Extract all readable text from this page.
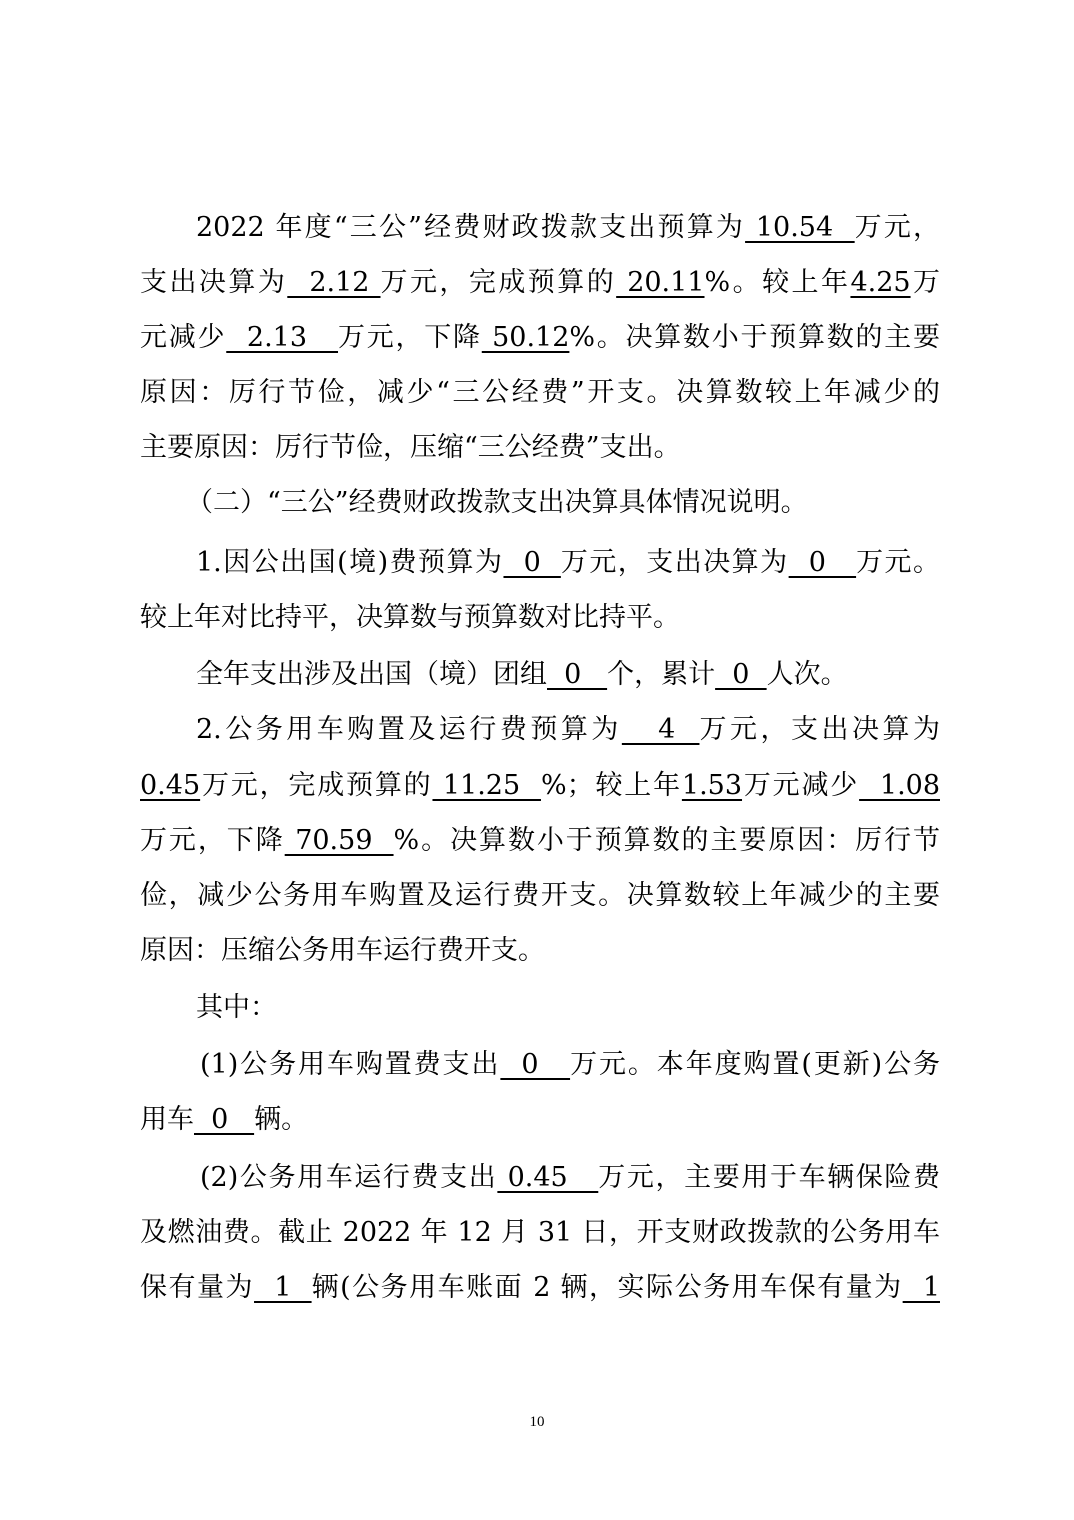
2022 年度“三公”经费财政拨款支出预算为 10.54  万元，
支出决算为  2.12 万元，完成预算的 20.11%。较上年4.25万
元减少  2.13   万元，下降 50.12%。决算数小于预算数的主要
原因：厉行节俭，减少“三公经费”开支。决算数较上年减少的
主要原因：厉行节俭，压缩“三公经费”支出。
（二）“三公”经费财政拨款支出决算具体情况说明。
1.因公出国(境)费预算为  0  万元，支出决算为  0   万元。
较上年对比持平，决算数与预算数对比持平。
全年支出涉及出国（境）团组  0   个，累计  0  人次。
2.公务用车购置及运行费预算为   4  万元，支出决算为
0.45万元，完成预算的 11.25  %；较上年1.53万元减少  1.08
万元，下降 70.59  %。决算数小于预算数的主要原因：厉行节
俭，减少公务用车购置及运行费开支。决算数较上年减少的主要
原因：压缩公务用车运行费开支。
其中：
(1)公务用车购置费支出  0   万元。本年度购置(更新)公务
用车  0   辆。
(2)公务用车运行费支出 0.45   万元，主要用于车辆保险费
及燃油费。截止 2022 年 12 月 31 日，开支财政拨款的公务用车
保有量为  1  辆(公务用车账面 2 辆，实际公务用车保有量为  1
10
